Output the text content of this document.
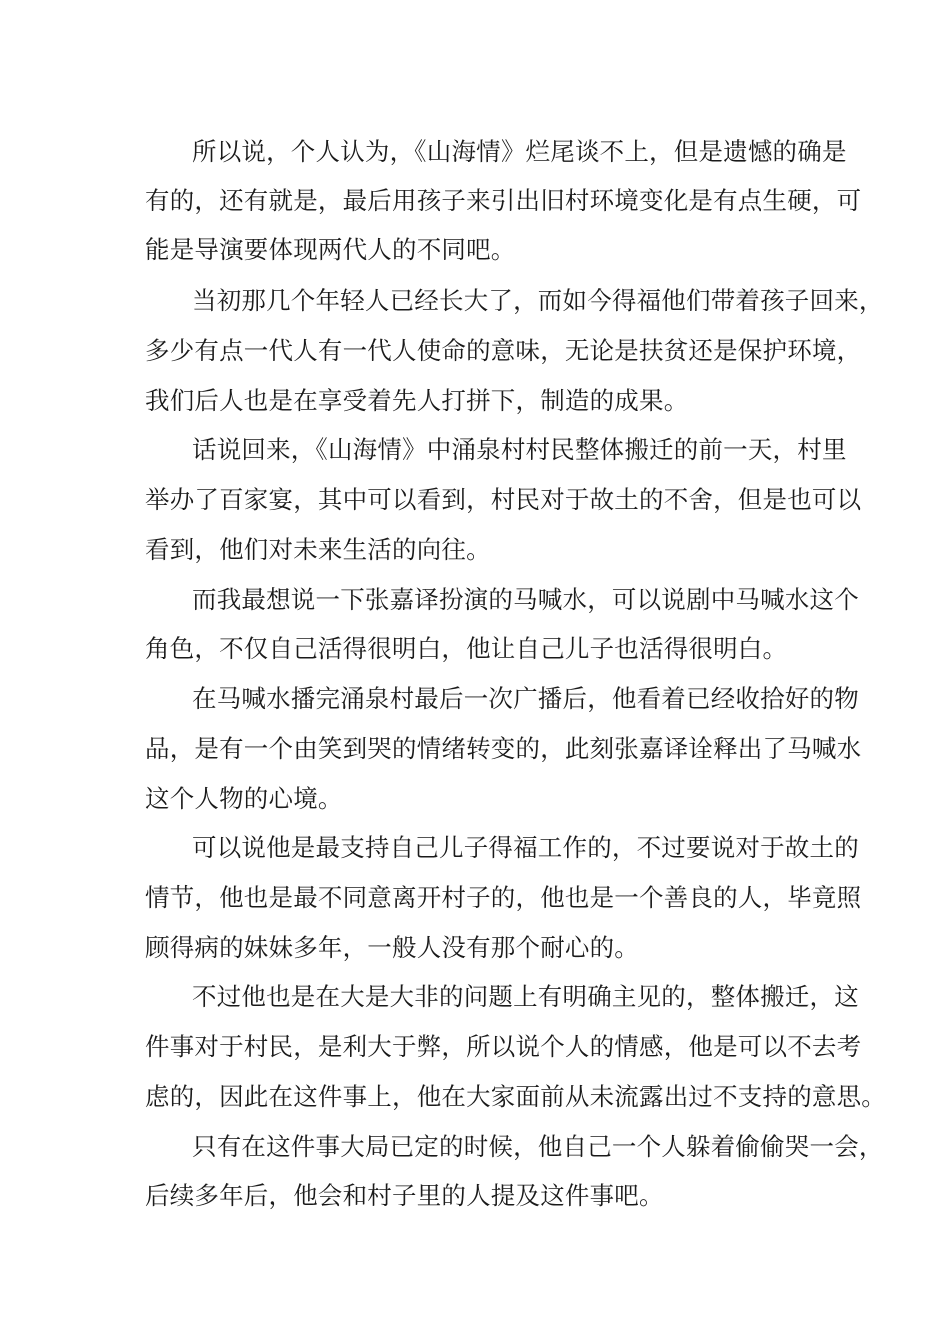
所以说，个人认为，《山海情》烂尾谈不上，但是遗憾的确是
有的，还有就是，最后用孩子来引出旧村环境变化是有点生硬，可
能是导演要体现两代人的不同吧。
当初那几个年轻人已经长大了，而如今得福他们带着孩子回来，
多少有点一代人有一代人使命的意味，无论是扶贫还是保护环境，
我们后人也是在享受着先人打拼下，制造的成果。
话说回来，《山海情》中涌泉村村民整体搬迁的前一天，村里
举办了百家宴，其中可以看到，村民对于故土的不舍，但是也可以
看到，他们对未来生活的向往。
而我最想说一下张嘉译扮演的马喊水，可以说剧中马喊水这个
角色，不仅自己活得很明白，他让自己儿子也活得很明白。
在马喊水播完涌泉村最后一次广播后，他看着已经收拾好的物
品，是有一个由笑到哭的情绪转变的，此刻张嘉译诠释出了马喊水
这个人物的心境。
可以说他是最支持自己儿子得福工作的，不过要说对于故土的
情节，他也是最不同意离开村子的，他也是一个善良的人，毕竟照
顾得病的妹妹多年，一般人没有那个耐心的。
不过他也是在大是大非的问题上有明确主见的，整体搬迁，这
件事对于村民，是利大于弊，所以说个人的情感，他是可以不去考
虑的，因此在这件事上，他在大家面前从未流露出过不支持的意思。
只有在这件事大局已定的时候，他自己一个人躲着偷偷哭一会，
后续多年后，他会和村子里的人提及这件事吧。
